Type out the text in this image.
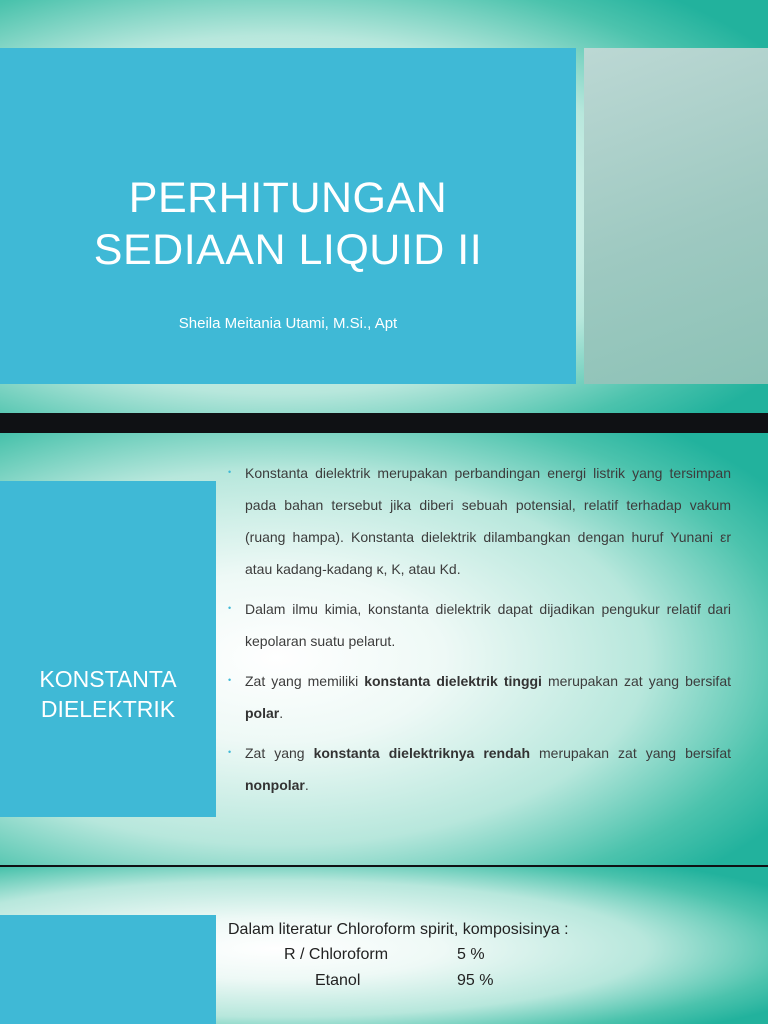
PERHITUNGAN
SEDIAAN LIQUID II

Sheila Meitania Utami, M.Si., Apt

KONSTANTA
DIELEKTRIK
• Konstanta dielektrik merupakan perbandingan energi listrik yang tersimpan pada bahan tersebut jika diberi sebuah potensial, relatif terhadap vakum (ruang hampa). Konstanta dielektrik dilambangkan dengan huruf Yunani εr atau kadang-kadang κ, K, atau Kd.
• Dalam ilmu kimia, konstanta dielektrik dapat dijadikan pengukur relatif dari kepolaran suatu pelarut.
• Zat yang memiliki konstanta dielektrik tinggi merupakan zat yang bersifat polar.
• Zat yang konstanta dielektriknya rendah merupakan zat yang bersifat nonpolar.
Dalam literatur Chloroform spirit, komposisinya :
R / Chloroform	5 %
Etanol	95 %
